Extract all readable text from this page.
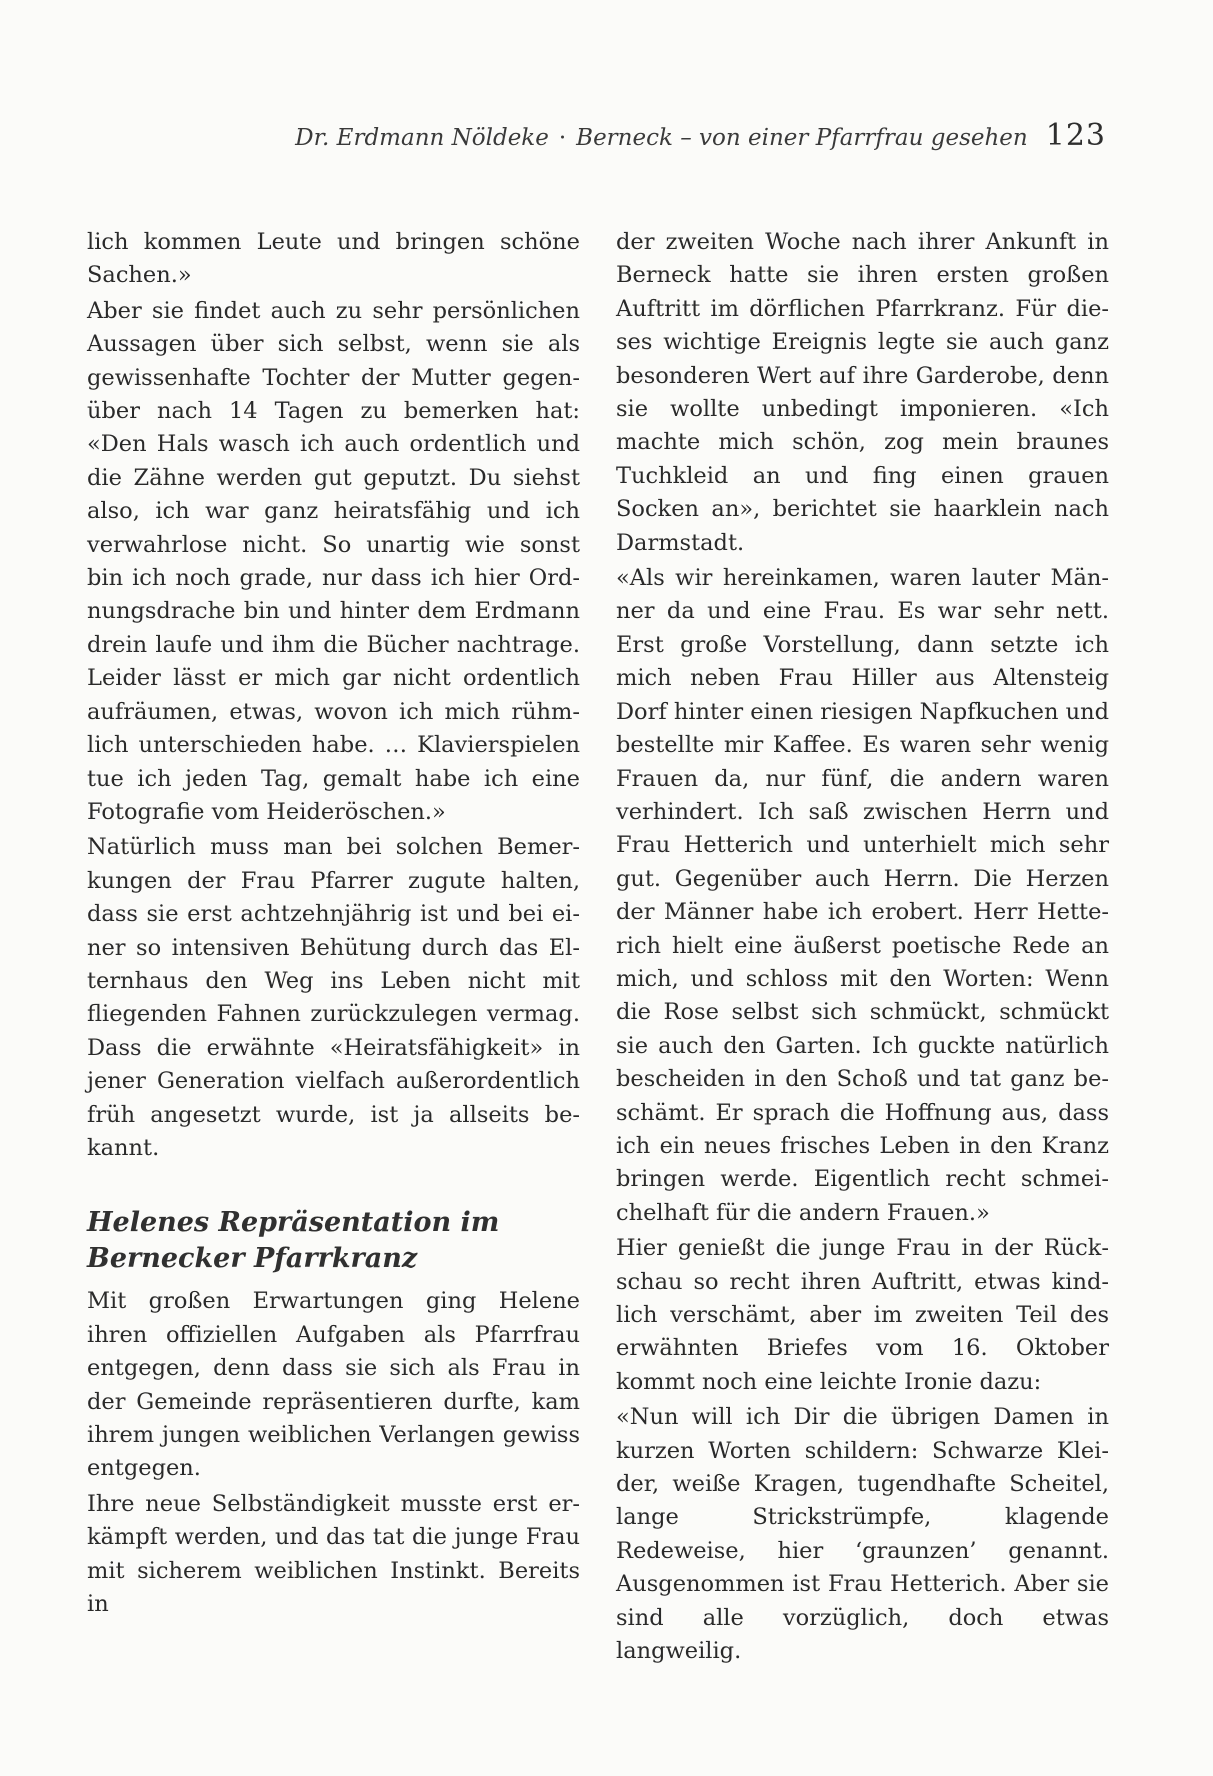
Dr. Erdmann Nöldeke · Berneck – von einer Pfarrfrau gesehen 123

lich kommen Leute und bringen schöne Sachen.»

Aber sie findet auch zu sehr persönlichen Aussagen über sich selbst, wenn sie als gewissenhafte Tochter der Mutter gegenüber nach 14 Tagen zu bemerken hat: «Den Hals wasch ich auch ordentlich und die Zähne werden gut geputzt. Du siehst also, ich war ganz heiratsfähig und ich verwahrlose nicht. So unartig wie sonst bin ich noch grade, nur dass ich hier Ordnungsdrache bin und hinter dem Erdmann drein laufe und ihm die Bücher nachtrage. Leider lässt er mich gar nicht ordentlich aufräumen, etwas, wovon ich mich rühmlich unterschieden habe. … Klavierspielen tue ich jeden Tag, gemalt habe ich eine Fotografie vom Heideröschen.»

Natürlich muss man bei solchen Bemerkungen der Frau Pfarrer zugute halten, dass sie erst achtzehnjährig ist und bei einer so intensiven Behütung durch das Elternhaus den Weg ins Leben nicht mit fliegenden Fahnen zurückzulegen vermag. Dass die erwähnte «Heiratsfähigkeit» in jener Generation vielfach außerordentlich früh angesetzt wurde, ist ja allseits bekannt.

Helenes Repräsentation im Bernecker Pfarrkranz

Mit großen Erwartungen ging Helene ihren offiziellen Aufgaben als Pfarrfrau entgegen, denn dass sie sich als Frau in der Gemeinde repräsentieren durfte, kam ihrem jungen weiblichen Verlangen gewiss entgegen.

Ihre neue Selbständigkeit musste erst erkämpft werden, und das tat die junge Frau mit sicherem weiblichen Instinkt. Bereits in

der zweiten Woche nach ihrer Ankunft in Berneck hatte sie ihren ersten großen Auftritt im dörflichen Pfarrkranz. Für dieses wichtige Ereignis legte sie auch ganz besonderen Wert auf ihre Garderobe, denn sie wollte unbedingt imponieren. «Ich machte mich schön, zog mein braunes Tuchkleid an und fing einen grauen Socken an», berichtet sie haarklein nach Darmstadt.

«Als wir hereinkamen, waren lauter Männer da und eine Frau. Es war sehr nett. Erst große Vorstellung, dann setzte ich mich neben Frau Hiller aus Altensteig Dorf hinter einen riesigen Napfkuchen und bestellte mir Kaffee. Es waren sehr wenig Frauen da, nur fünf, die andern waren verhindert. Ich saß zwischen Herrn und Frau Hetterich und unterhielt mich sehr gut. Gegenüber auch Herrn. Die Herzen der Männer habe ich erobert. Herr Hetterich hielt eine äußerst poetische Rede an mich, und schloss mit den Worten: Wenn die Rose selbst sich schmückt, schmückt sie auch den Garten. Ich guckte natürlich bescheiden in den Schoß und tat ganz beschämt. Er sprach die Hoffnung aus, dass ich ein neues frisches Leben in den Kranz bringen werde. Eigentlich recht schmeichelhaft für die andern Frauen.»

Hier genießt die junge Frau in der Rückschau so recht ihren Auftritt, etwas kindlich verschämt, aber im zweiten Teil des erwähnten Briefes vom 16. Oktober kommt noch eine leichte Ironie dazu:

«Nun will ich Dir die übrigen Damen in kurzen Worten schildern: Schwarze Kleider, weiße Kragen, tugendhafte Scheitel, lange Strickstrümpfe, klagende Redeweise, hier ‘graunzen’ genannt. Ausgenommen ist Frau Hetterich. Aber sie sind alle vorzüglich, doch etwas langweilig.
